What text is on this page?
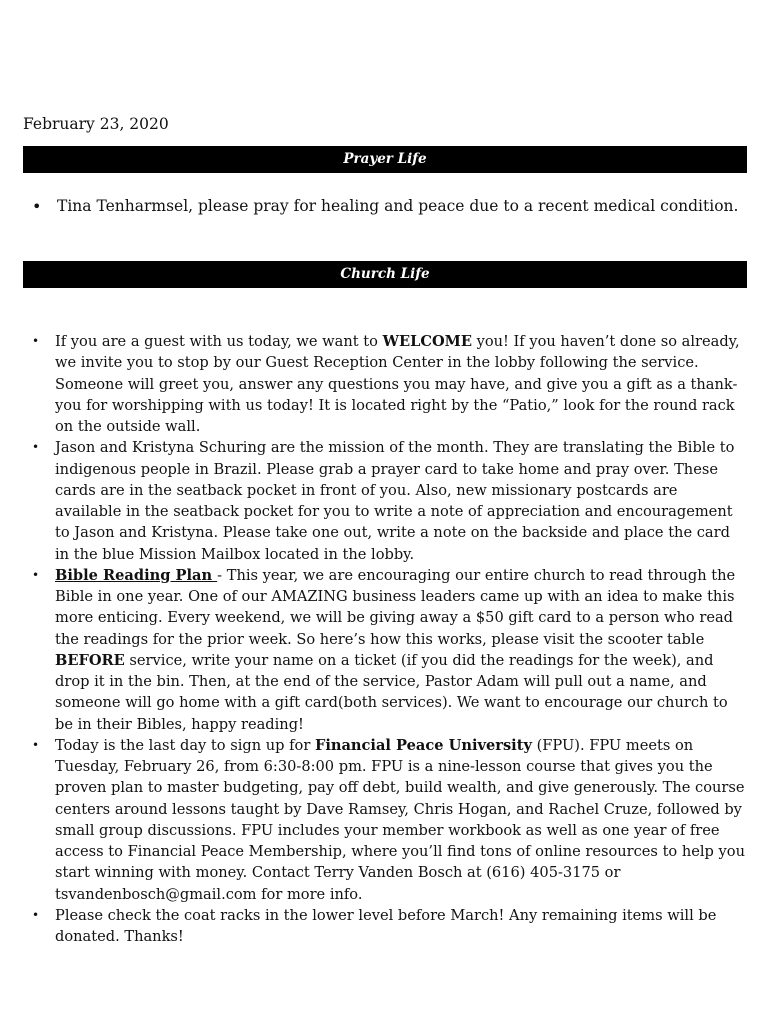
February 23, 2020
Prayer Life
• Tina Tenharmsel, please pray for healing and peace due to a recent medical condition.
Church Life
• If you are a guest with us today, we want to WELCOME you! If you haven’t done so already, we invite you to stop by our Guest Reception Center in the lobby following the service. Someone will greet you, answer any questions you may have, and give you a gift as a thank-you for worshipping with us today! It is located right by the “Patio,” look for the round rack on the outside wall.
• Jason and Kristyna Schuring are the mission of the month. They are translating the Bible to indigenous people in Brazil. Please grab a prayer card to take home and pray over. These cards are in the seatback pocket in front of you. Also, new missionary postcards are available in the seatback pocket for you to write a note of appreciation and encouragement to Jason and Kristyna. Please take one out, write a note on the backside and place the card in the blue Mission Mailbox located in the lobby.
• Bible Reading Plan - This year, we are encouraging our entire church to read through the Bible in one year. One of our AMAZING business leaders came up with an idea to make this more enticing. Every weekend, we will be giving away a $50 gift card to a person who read the readings for the prior week. So here’s how this works, please visit the scooter table BEFORE service, write your name on a ticket (if you did the readings for the week), and drop it in the bin. Then, at the end of the service, Pastor Adam will pull out a name, and someone will go home with a gift card(both services). We want to encourage our church to be in their Bibles, happy reading!
• Today is the last day to sign up for Financial Peace University (FPU). FPU meets on Tuesday, February 26, from 6:30-8:00 pm. FPU is a nine-lesson course that gives you the proven plan to master budgeting, pay off debt, build wealth, and give generously. The course centers around lessons taught by Dave Ramsey, Chris Hogan, and Rachel Cruze, followed by small group discussions. FPU includes your member workbook as well as one year of free access to Financial Peace Membership, where you’ll find tons of online resources to help you start winning with money. Contact Terry Vanden Bosch at (616) 405-3175 or tsvandenbosch@gmail.com for more info.
• Please check the coat racks in the lower level before March! Any remaining items will be donated. Thanks!
